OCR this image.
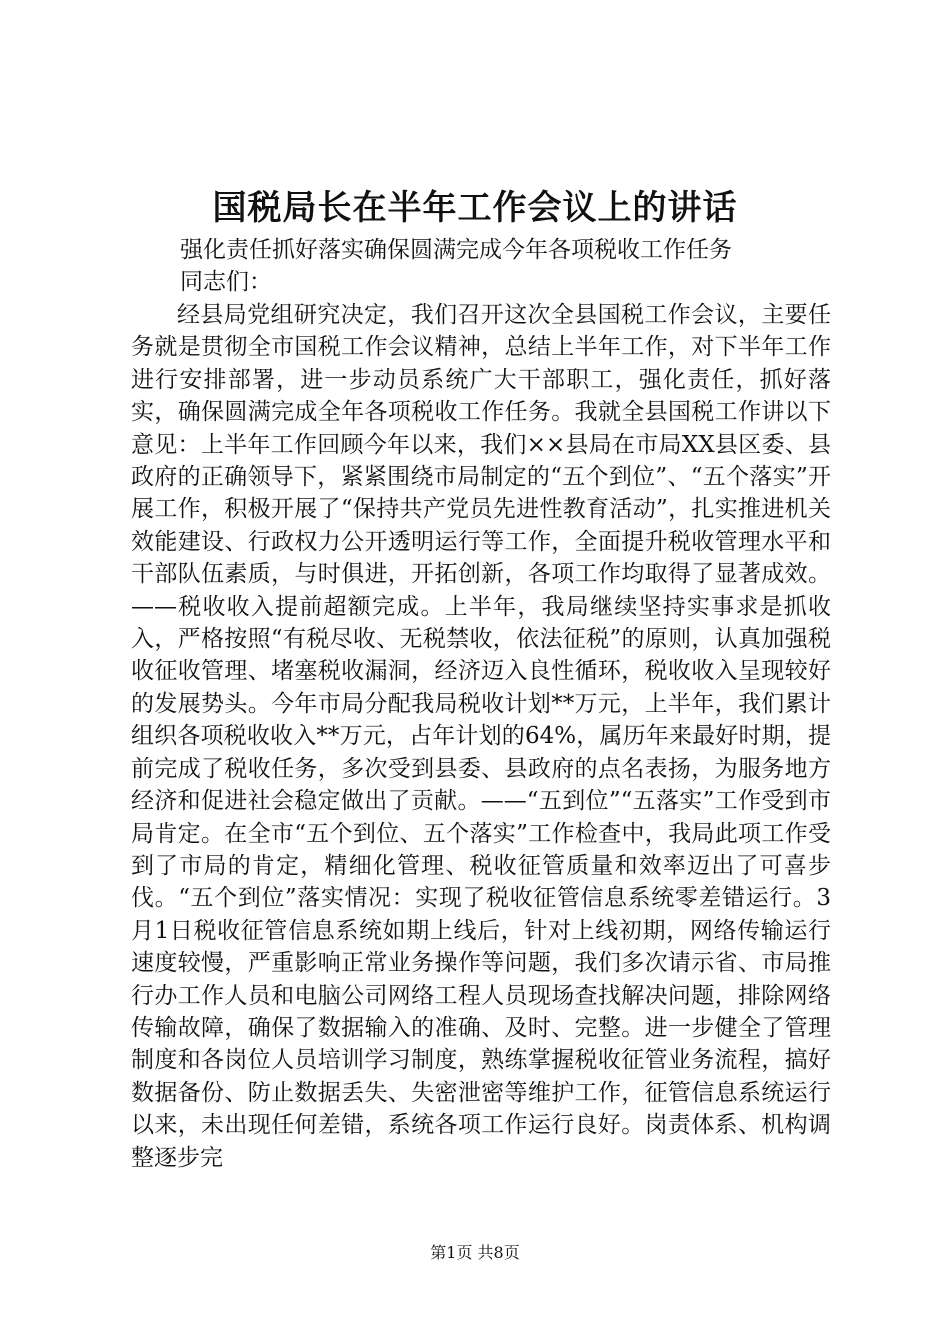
国税局长在半年工作会议上的讲话

强化责任抓好落实确保圆满完成今年各项税收工作任务

同志们：

经县局党组研究决定，我们召开这次全县国税工作会议，主要任务就是贯彻全市国税工作会议精神，总结上半年工作，对下半年工作进行安排部署，进一步动员系统广大干部职工，强化责任，抓好落实，确保圆满完成全年各项税收工作任务。我就全县国税工作讲以下意见：上半年工作回顾今年以来，我们××县局在市局XX县区委、县政府的正确领导下，紧紧围绕市局制定的“五个到位”、“五个落实”开展工作，积极开展了“保持共产党员先进性教育活动”，扎实推进机关效能建设、行政权力公开透明运行等工作，全面提升税收管理水平和干部队伍素质，与时俱进，开拓创新，各项工作均取得了显著成效。——税收收入提前超额完成。上半年，我局继续坚持实事求是抓收入，严格按照“有税尽收、无税禁收，依法征税”的原则，认真加强税收征收管理、堵塞税收漏洞，经济迈入良性循环，税收收入呈现较好的发展势头。今年市局分配我局税收计划**万元，上半年，我们累计组织各项税收收入**万元，占年计划的64%，属历年来最好时期，提前完成了税收任务，多次受到县委、县政府的点名表扬，为服务地方经济和促进社会稳定做出了贡献。——“五到位”“五落实”工作受到市局肯定。在全市“五个到位、五个落实”工作检查中，我局此项工作受到了市局的肯定，精细化管理、税收征管质量和效率迈出了可喜步伐。“五个到位”落实情况：实现了税收征管信息系统零差错运行。3月1日税收征管信息系统如期上线后，针对上线初期，网络传输运行速度较慢，严重影响正常业务操作等问题，我们多次请示省、市局推行办工作人员和电脑公司网络工程人员现场查找解决问题，排除网络传输故障，确保了数据输入的准确、及时、完整。进一步健全了管理制度和各岗位人员培训学习制度，熟练掌握税收征管业务流程，搞好数据备份、防止数据丢失、失密泄密等维护工作，征管信息系统运行以来，未出现任何差错，系统各项工作运行良好。岗责体系、机构调整逐步完

第1页 共8页
